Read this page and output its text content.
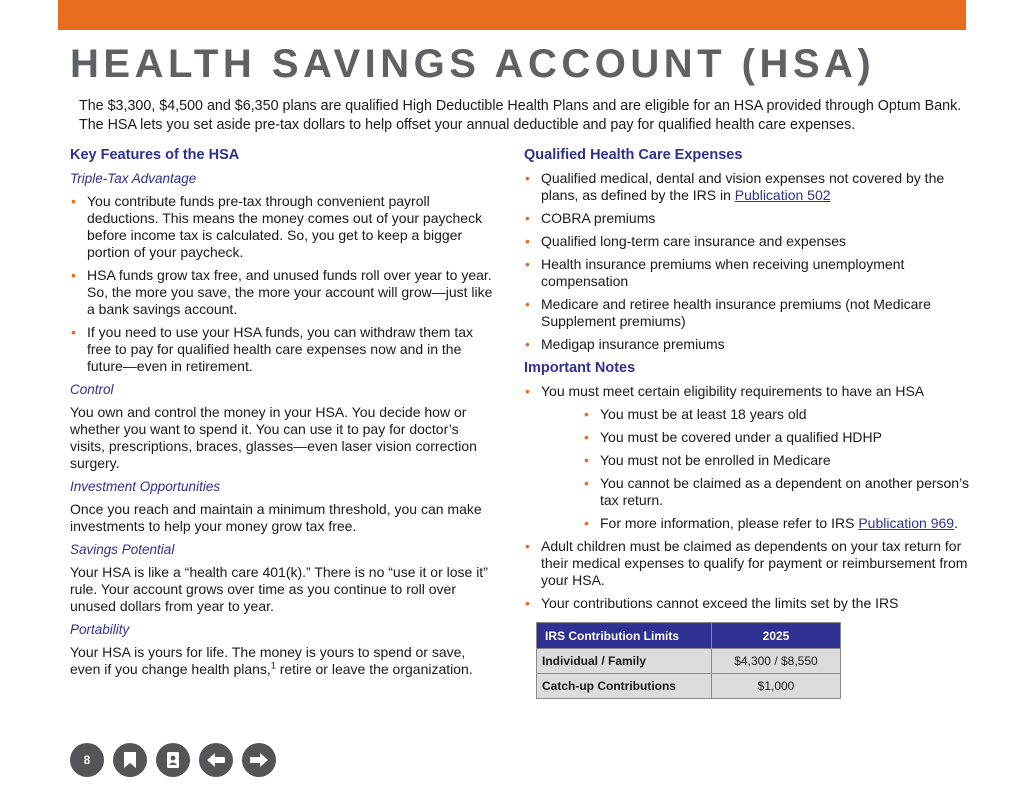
HEALTH SAVINGS ACCOUNT (HSA)

The $3,300, $4,500 and $6,350 plans are qualified High Deductible Health Plans and are eligible for an HSA provided through Optum Bank. The HSA lets you set aside pre-tax dollars to help offset your annual deductible and pay for qualified health care expenses.

Key Features of the HSA
Triple-Tax Advantage
• You contribute funds pre-tax through convenient payroll deductions. This means the money comes out of your paycheck before income tax is calculated. So, you get to keep a bigger portion of your paycheck.
• HSA funds grow tax free, and unused funds roll over year to year. So, the more you save, the more your account will grow—just like a bank savings account.
• If you need to use your HSA funds, you can withdraw them tax free to pay for qualified health care expenses now and in the future—even in retirement.
Control

You own and control the money in your HSA. You decide how or whether you want to spend it. You can use it to pay for doctor’s visits, prescriptions, braces, glasses—even laser vision correction surgery.

Investment Opportunities

Once you reach and maintain a minimum threshold, you can make investments to help your money grow tax free.

Savings Potential

Your HSA is like a “health care 401(k).” There is no “use it or lose it” rule. Your account grows over time as you continue to roll over unused dollars from year to year.

Portability

Your HSA is yours for life. The money is yours to spend or save, even if you change health plans,$^1$ retire or leave the organization.

Qualified Health Care Expenses
• Qualified medical, dental and vision expenses not covered by the plans, as defined by the IRS in Publication 502
• COBRA premiums
• Qualified long-term care insurance and expenses
• Health insurance premiums when receiving unemployment compensation
• Medicare and retiree health insurance premiums (not Medicare Supplement premiums)
• Medigap insurance premiums
Important Notes
• You must meet certain eligibility requirements to have an HSA
• You must be at least 18 years old
• You must be covered under a qualified HDHP
• You must not be enrolled in Medicare
• You cannot be claimed as a dependent on another person’s tax return.
• For more information, please refer to IRS Publication 969.
• Adult children must be claimed as dependents on your tax return for their medical expenses to qualify for payment or reimbursement from your HSA.
• Your contributions cannot exceed the limits set by the IRS
IRS Contribution Limits	2025
Individual / Family	$4,300 / $8,550
Catch-up Contributions	$1,000
8
